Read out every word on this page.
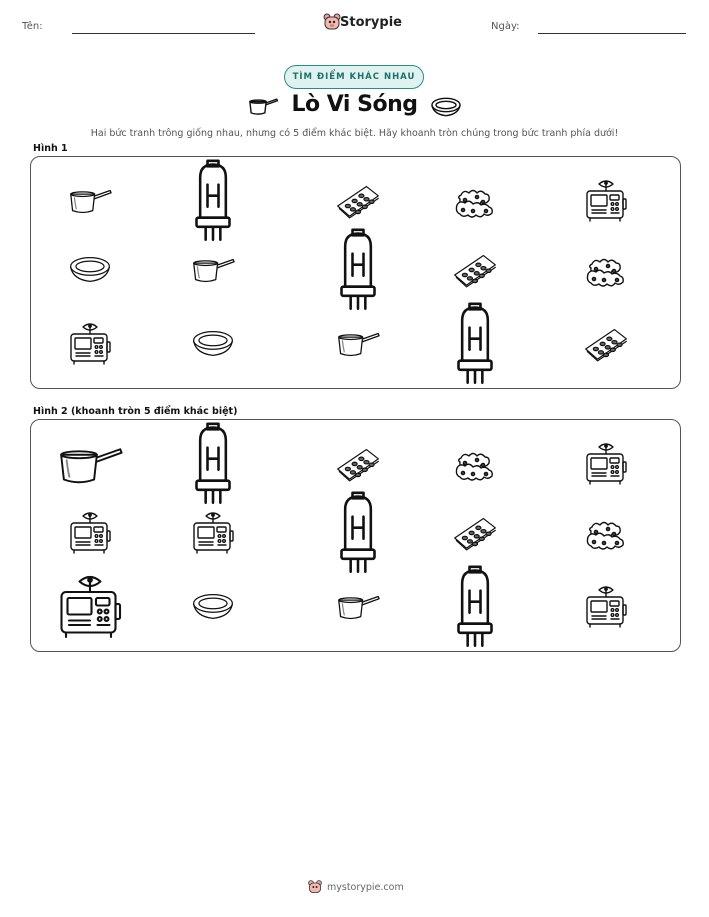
Tên:	Storypie	Ngày:
TÌM ĐIỂM KHÁC NHAU
Lò Vi Sóng
Hai bức tranh trông giống nhau, nhưng có 5 điểm khác biệt. Hãy khoanh tròn chúng trong bức tranh phía dưới!
Hình 1
Hình 2 (khoanh tròn 5 điểm khác biệt)
mystorypie.com
